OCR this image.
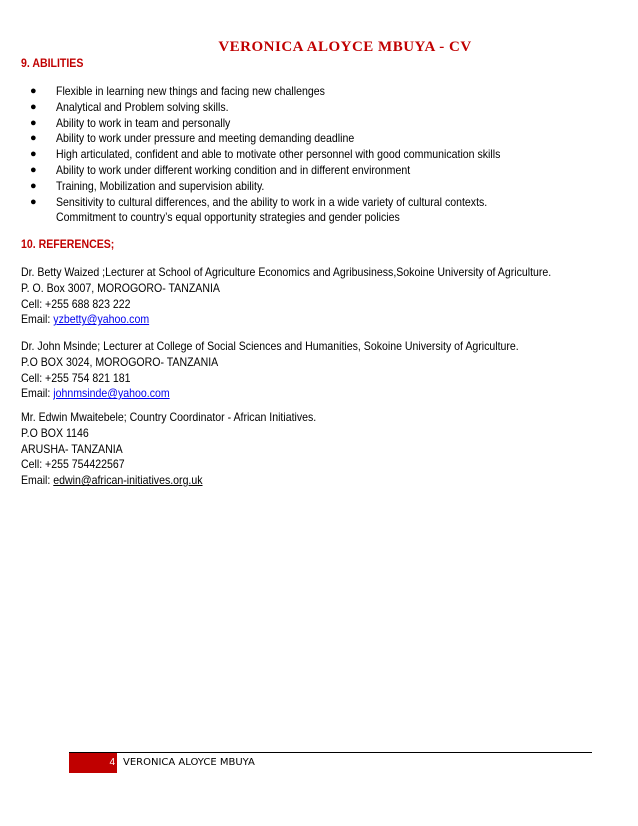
VERONICA ALOYCE MBUYA - CV
9. ABILITIES
● Flexible in learning new things and facing new challenges
● Analytical and Problem solving skills.
● Ability to work in team and personally
● Ability to work under pressure and meeting demanding deadline
● High articulated, confident and able to motivate other personnel with good communication skills
● Ability to work under different working condition and in different environment
● Training, Mobilization and supervision ability.
● Sensitivity to cultural differences, and the ability to work in a wide variety of cultural contexts.
Commitment to country’s equal opportunity strategies and gender policies
10. REFERENCES;
Dr. Betty Waized ;Lecturer at School of Agriculture Economics and Agribusiness,Sokoine University of Agriculture.
P. O. Box 3007, MOROGORO- TANZANIA
Cell: +255 688 823 222
Email: yzbetty@yahoo.com
Dr. John Msinde; Lecturer at College of Social Sciences and Humanities, Sokoine University of Agriculture.
P.O BOX 3024, MOROGORO- TANZANIA
Cell: +255 754 821 181
Email: johnmsinde@yahoo.com
Mr. Edwin Mwaitebele; Country Coordinator - African Initiatives.
P.O BOX 1146
ARUSHA- TANZANIA
Cell: +255 754422567
Email: edwin@african-initiatives.org.uk
4 VERONICA ALOYCE MBUYA
